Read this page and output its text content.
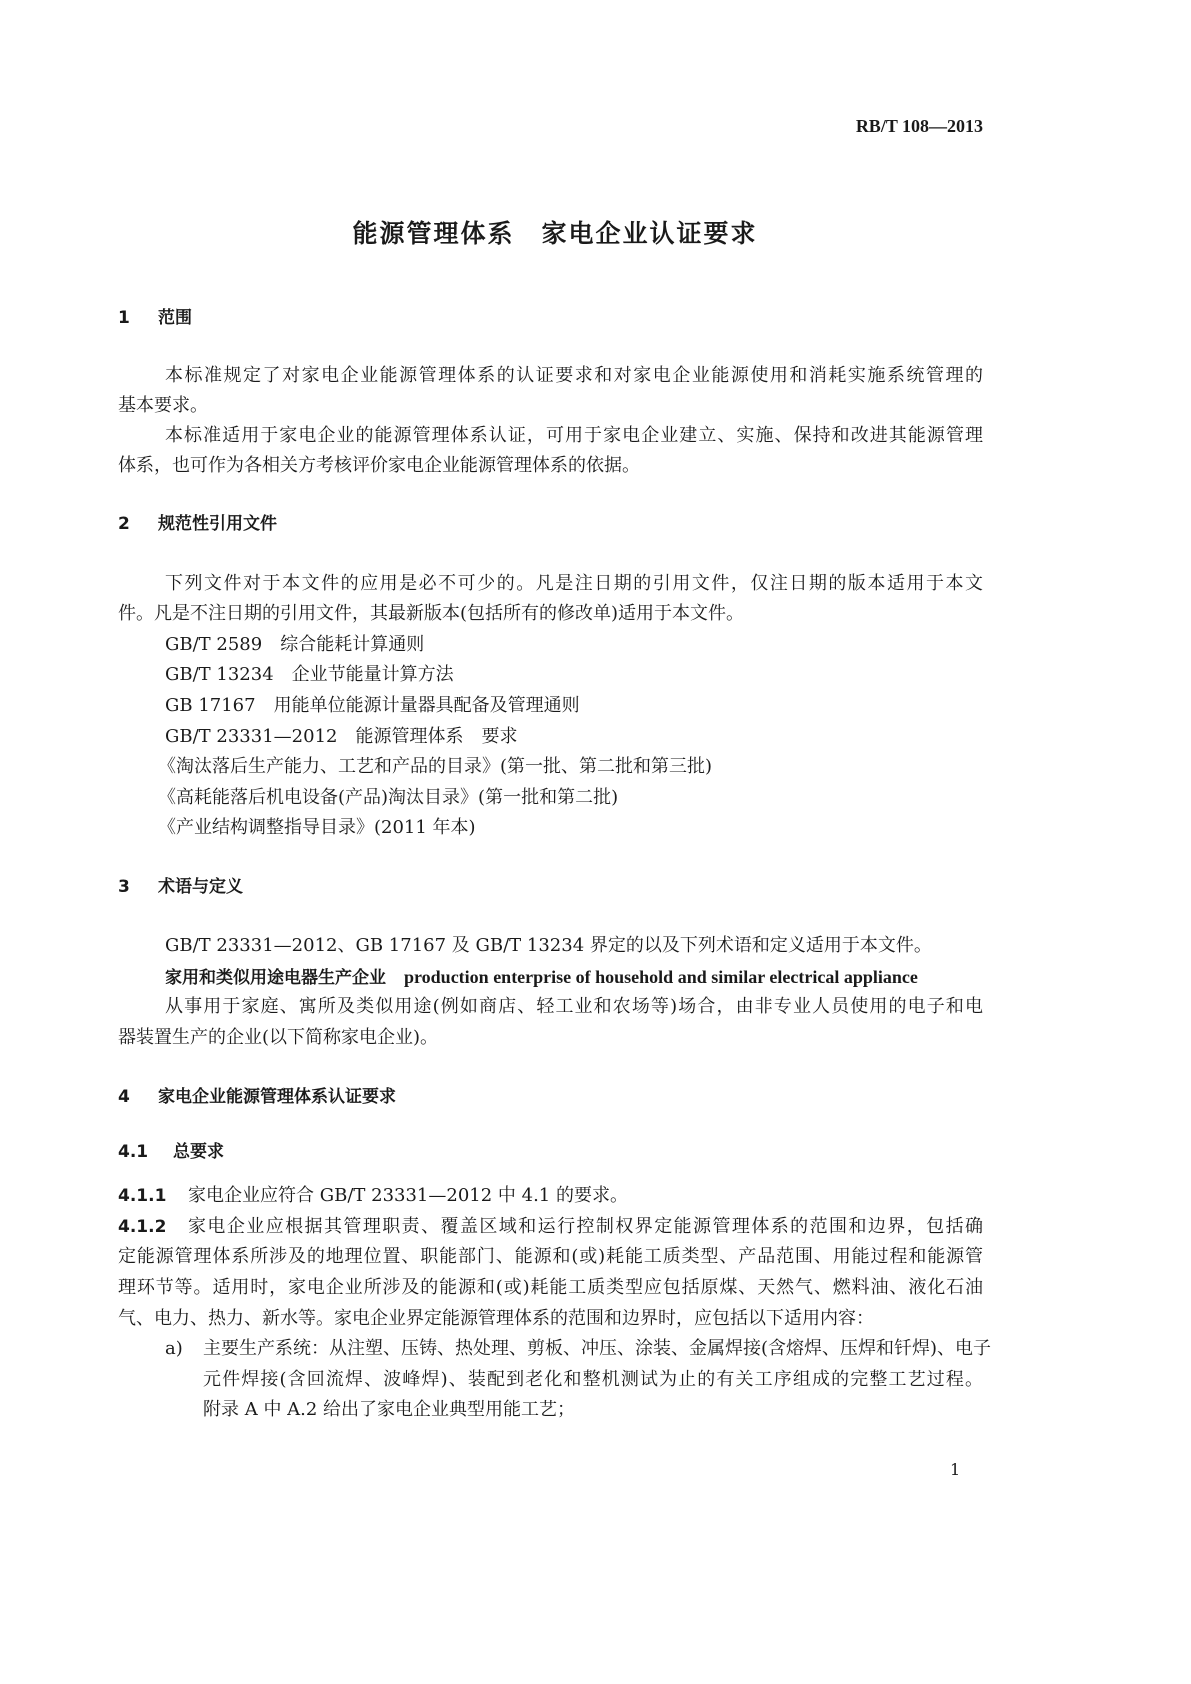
RB/T 108—2013
能源管理体系　家电企业认证要求
1 范围
本标准规定了对家电企业能源管理体系的认证要求和对家电企业能源使用和消耗实施系统管理的
基本要求。
本标准适用于家电企业的能源管理体系认证，可用于家电企业建立、实施、保持和改进其能源管理
体系，也可作为各相关方考核评价家电企业能源管理体系的依据。
2 规范性引用文件
下列文件对于本文件的应用是必不可少的。凡是注日期的引用文件，仅注日期的版本适用于本文
件。凡是不注日期的引用文件，其最新版本(包括所有的修改单)适用于本文件。
GB/T 2589　综合能耗计算通则
GB/T 13234　企业节能量计算方法
GB 17167　用能单位能源计量器具配备及管理通则
GB/T 23331—2012　能源管理体系　要求
《淘汰落后生产能力、工艺和产品的目录》(第一批、第二批和第三批)
《高耗能落后机电设备(产品)淘汰目录》(第一批和第二批)
《产业结构调整指导目录》(2011 年本)
3 术语与定义
GB/T 23331—2012、GB 17167 及 GB/T 13234 界定的以及下列术语和定义适用于本文件。
家用和类似用途电器生产企业 production enterprise of household and similar electrical appliance
从事用于家庭、寓所及类似用途(例如商店、轻工业和农场等)场合，由非专业人员使用的电子和电
器装置生产的企业(以下简称家电企业)。
4 家电企业能源管理体系认证要求
4.1 总要求
4.1.1 家电企业应符合 GB/T 23331—2012 中 4.1 的要求。
4.1.2	家电企业应根据其管理职责、覆盖区域和运行控制权界定能源管理体系的范围和边界，包括确
定能源管理体系所涉及的地理位置、职能部门、能源和(或)耗能工质类型、产品范围、用能过程和能源管
理环节等。适用时，家电企业所涉及的能源和(或)耗能工质类型应包括原煤、天然气、燃料油、液化石油
气、电力、热力、新水等。家电企业界定能源管理体系的范围和边界时，应包括以下适用内容：
a) 主要生产系统：从注塑、压铸、热处理、剪板、冲压、涂装、金属焊接(含熔焊、压焊和钎焊)、电子
元件焊接(含回流焊、波峰焊)、装配到老化和整机测试为止的有关工序组成的完整工艺过程。
附录 A 中 A.2 给出了家电企业典型用能工艺；
1
